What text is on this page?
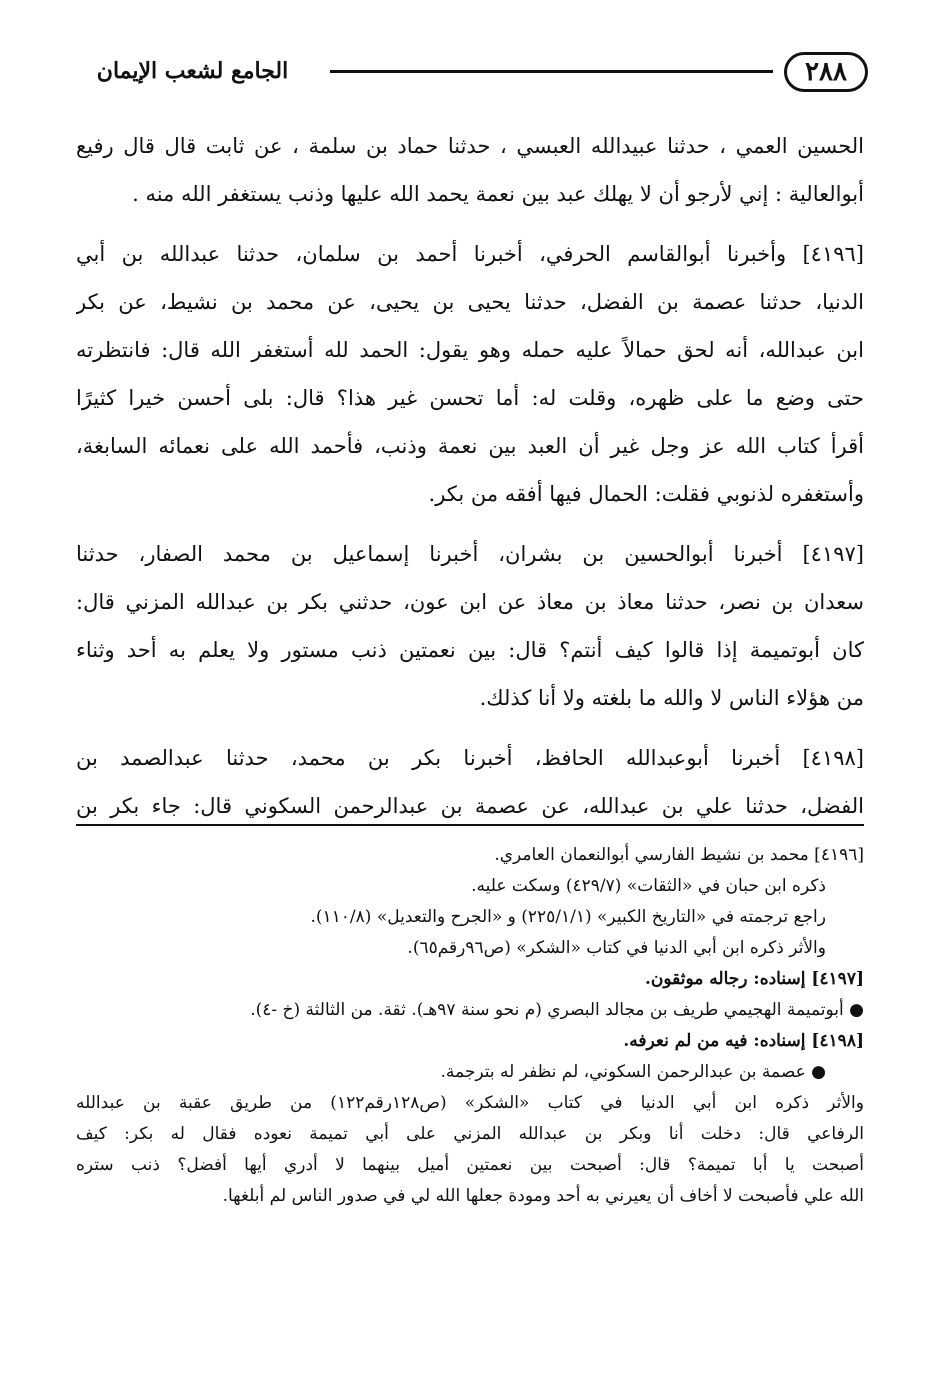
٢٨٨
الجامع لشعب الإيمان
الحسين العمي ، حدثنا عبيدالله العبسي ، حدثنا حماد بن سلمة ، عن ثابت قال قال رفيع
أبوالعالية : إني لأرجو أن لا يهلك عبد بين نعمة يحمد الله عليها وذنب يستغفر الله منه .
[٤١٩٦] وأخبرنا أبوالقاسم الحرفي، أخبرنا أحمد بن سلمان، حدثنا عبدالله بن أبي
الدنيا، حدثنا عصمة بن الفضل، حدثنا يحيى بن يحيى، عن محمد بن نشيط، عن بكر
ابن عبدالله، أنه لحق حمالاً عليه حمله وهو يقول: الحمد لله أستغفر الله قال: فانتظرته
حتى وضع ما على ظهره، وقلت له: أما تحسن غير هذا؟ قال: بلى أحسن خيرا كثيرًا
أقرأ كتاب الله عز وجل غير أن العبد بين نعمة وذنب، فأحمد الله على نعمائه السابغة،
وأستغفره لذنوبي فقلت: الحمال فيها أفقه من بكر.
[٤١٩٧] أخبرنا أبوالحسين بن بشران، أخبرنا إسماعيل بن محمد الصفار، حدثنا
سعدان بن نصر، حدثنا معاذ بن معاذ عن ابن عون، حدثني بكر بن عبدالله المزني قال:
كان أبوتميمة إذا قالوا كيف أنتم؟ قال: بين نعمتين ذنب مستور ولا يعلم به أحد وثناء
من هؤلاء الناس لا والله ما بلغته ولا أنا كذلك.
[٤١٩٨] أخبرنا أبوعبدالله الحافظ، أخبرنا بكر بن محمد، حدثنا عبدالصمد بن
الفضل، حدثنا علي بن عبدالله، عن عصمة بن عبدالرحمن السكوني قال: جاء بكر بن
[٤١٩٦] محمد بن نشيط الفارسي أبوالنعمان العامري.
ذكره ابن حبان في «الثقات» (٤٢٩/٧) وسكت عليه.
راجع ترجمته في «التاريخ الكبير» (٢٢٥/١/١) و «الجرح والتعديل» (١١٠/٨).
والأثر ذكره ابن أبي الدنيا في كتاب «الشكر» (ص٩٦رقم٦٥).
[٤١٩٧] إسناده: رجاله موثقون.
● أبوتميمة الهجيمي طريف بن مجالد البصري (م نحو سنة ٩٧هـ). ثقة. من الثالثة (خ -٤).
[٤١٩٨] إسناده: فيه من لم نعرفه.
● عصمة بن عبدالرحمن السكوني، لم نظفر له بترجمة.
والأثر ذكره ابن أبي الدنيا في كتاب «الشكر» (ص١٢٨رقم١٢٢) من طريق عقبة بن عبدالله
الرفاعي قال: دخلت أنا وبكر بن عبدالله المزني على أبي تميمة نعوده فقال له بكر: كيف
أصبحت يا أبا تميمة؟ قال: أصبحت بين نعمتين أميل بينهما لا أدري أيها أفضل؟ ذنب ستره
الله علي فأصبحت لا أخاف أن يعيرني به أحد ومودة جعلها الله لي في صدور الناس لم أبلغها.
